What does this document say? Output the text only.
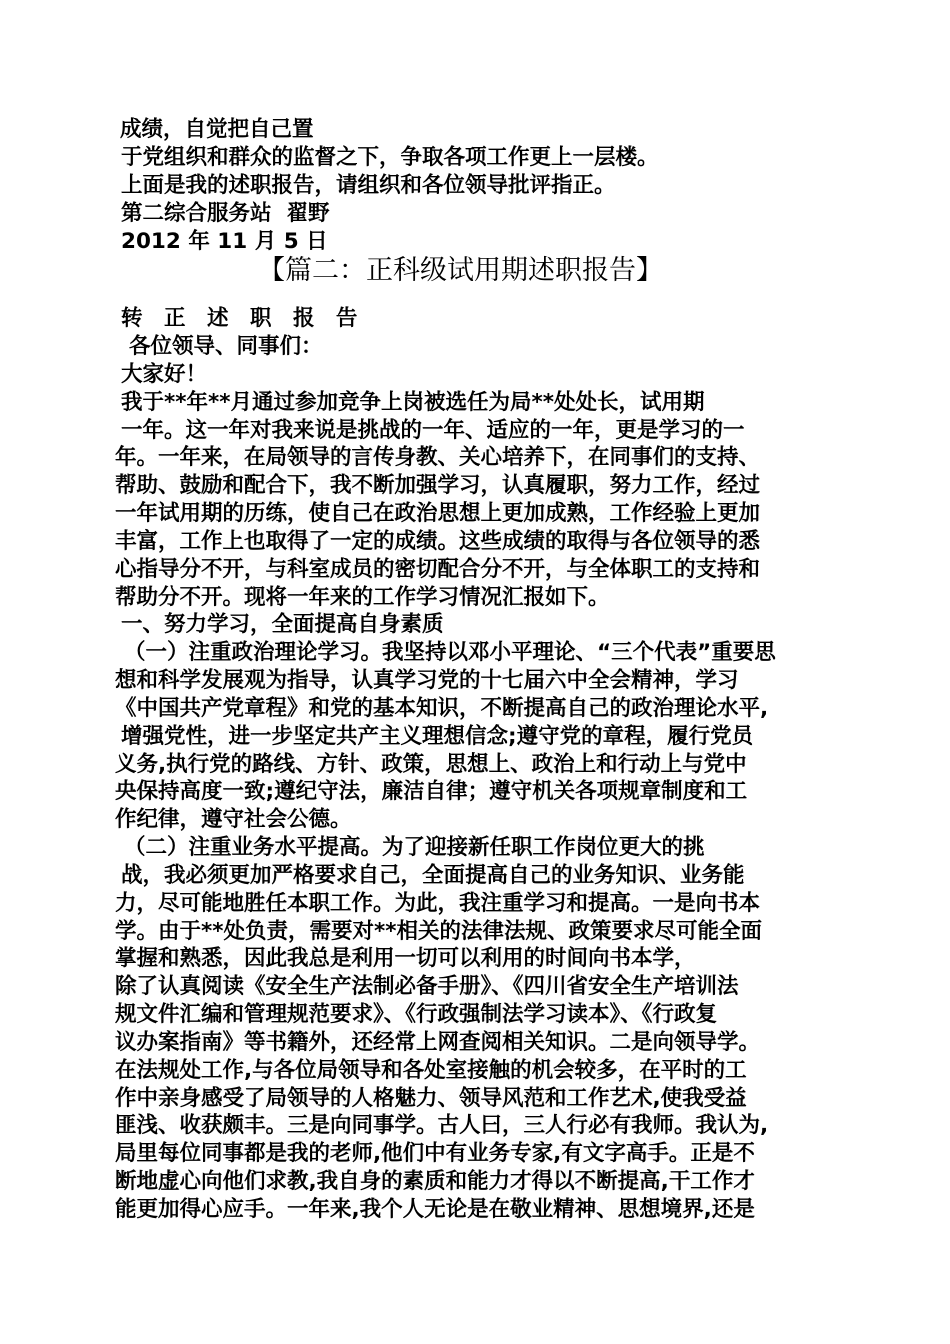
成绩，自觉把自己置
于党组织和群众的监督之下，争取各项工作更上一层楼。
上面是我的述职报告，请组织和各位领导批评指正。
第二综合服务站  翟野
2012 年 11 月 5 日
【篇二：正科级试用期述职报告】
转 正 述 职 报 告
各位领导、同事们：
大家好！
我于**年**月通过参加竞争上岗被选任为局**处处长，试用期
一年。这一年对我来说是挑战的一年、适应的一年，更是学习的一
年。一年来，在局领导的言传身教、关心培养下，在同事们的支持、
帮助、鼓励和配合下，我不断加强学习，认真履职，努力工作，经过
一年试用期的历练，使自己在政治思想上更加成熟，工作经验上更加
丰富，工作上也取得了一定的成绩。这些成绩的取得与各位领导的悉
心指导分不开，与科室成员的密切配合分不开，与全体职工的支持和
帮助分不开。现将一年来的工作学习情况汇报如下。
一、努力学习，全面提高自身素质
（一）注重政治理论学习。我坚持以邓小平理论、“三个代表”重要思
想和科学发展观为指导，认真学习党的十七届六中全会精神，学习
《中国共产党章程》和党的基本知识，不断提高自己的政治理论水平,
增强党性，进一步坚定共产主义理想信念;遵守党的章程，履行党员
义务,执行党的路线、方针、政策，思想上、政治上和行动上与党中
央保持高度一致;遵纪守法，廉洁自律；遵守机关各项规章制度和工
作纪律，遵守社会公德。
（二）注重业务水平提高。为了迎接新任职工作岗位更大的挑
战，我必须更加严格要求自己，全面提高自己的业务知识、业务能
力，尽可能地胜任本职工作。为此，我注重学习和提高。一是向书本
学。由于**处负责，需要对**相关的法律法规、政策要求尽可能全面
掌握和熟悉，因此我总是利用一切可以利用的时间向书本学，
除了认真阅读《安全生产法制必备手册》、《四川省安全生产培训法
规文件汇编和管理规范要求》、《行政强制法学习读本》、《行政复
议办案指南》等书籍外，还经常上网查阅相关知识。二是向领导学。
在法规处工作,与各位局领导和各处室接触的机会较多，在平时的工
作中亲身感受了局领导的人格魅力、领导风范和工作艺术,使我受益
匪浅、收获颇丰。三是向同事学。古人曰，三人行必有我师。我认为,
局里每位同事都是我的老师,他们中有业务专家,有文字高手。正是不
断地虚心向他们求教,我自身的素质和能力才得以不断提高,干工作才
能更加得心应手。一年来,我个人无论是在敬业精神、思想境界,还是
